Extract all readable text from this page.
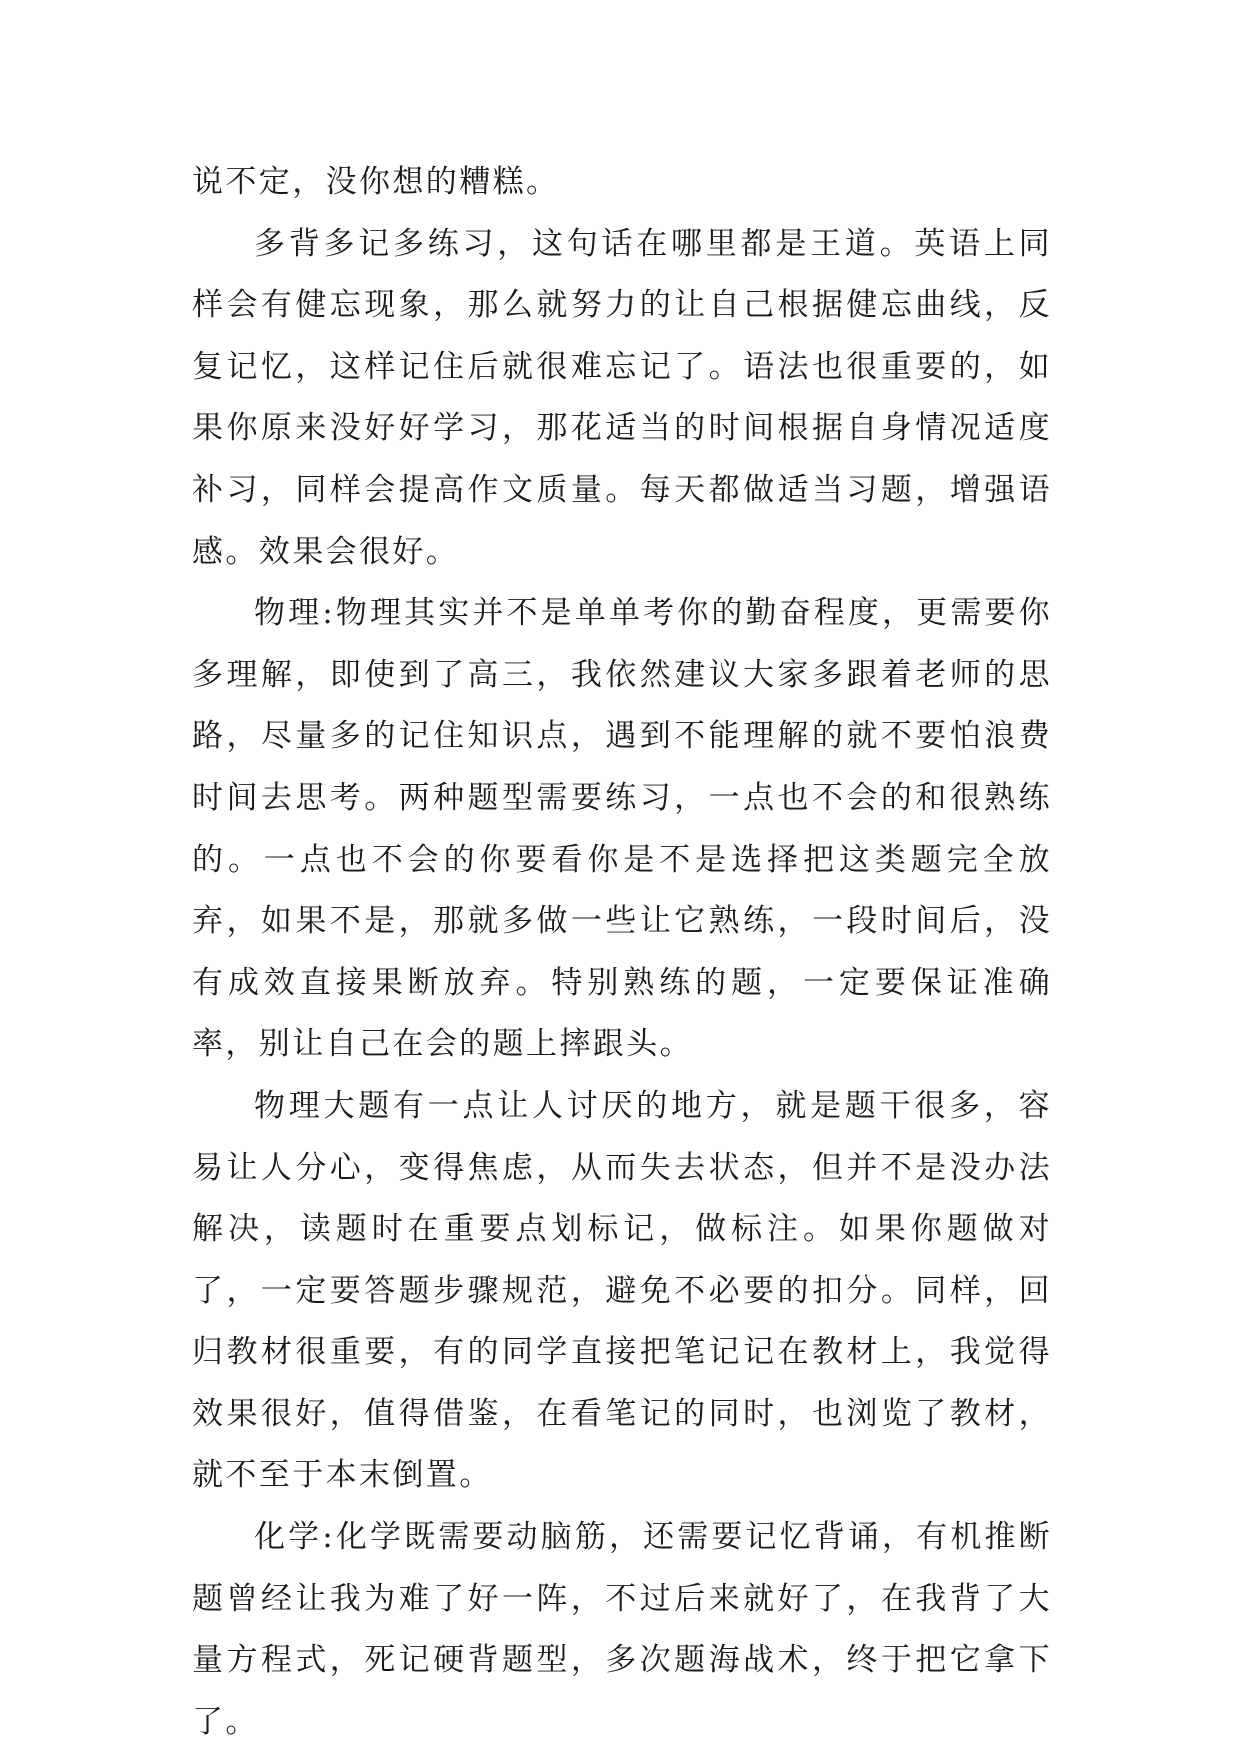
说不定，没你想的糟糕。

多背多记多练习，这句话在哪里都是王道。英语上同样会有健忘现象，那么就努力的让自己根据健忘曲线，反复记忆，这样记住后就很难忘记了。语法也很重要的，如果你原来没好好学习，那花适当的时间根据自身情况适度补习，同样会提高作文质量。每天都做适当习题，增强语感。效果会很好。

物理:物理其实并不是单单考你的勤奋程度，更需要你多理解，即使到了高三，我依然建议大家多跟着老师的思路，尽量多的记住知识点，遇到不能理解的就不要怕浪费时间去思考。两种题型需要练习，一点也不会的和很熟练的。一点也不会的你要看你是不是选择把这类题完全放弃，如果不是，那就多做一些让它熟练，一段时间后，没有成效直接果断放弃。特别熟练的题，一定要保证准确率，别让自己在会的题上摔跟头。

物理大题有一点让人讨厌的地方，就是题干很多，容易让人分心，变得焦虑，从而失去状态，但并不是没办法解决，读题时在重要点划标记，做标注。如果你题做对了，一定要答题步骤规范，避免不必要的扣分。同样，回归教材很重要，有的同学直接把笔记记在教材上，我觉得效果很好，值得借鉴，在看笔记的同时，也浏览了教材，就不至于本末倒置。

化学:化学既需要动脑筋，还需要记忆背诵，有机推断题曾经让我为难了好一阵，不过后来就好了，在我背了大量方程式，死记硬背题型，多次题海战术，终于把它拿下了。
